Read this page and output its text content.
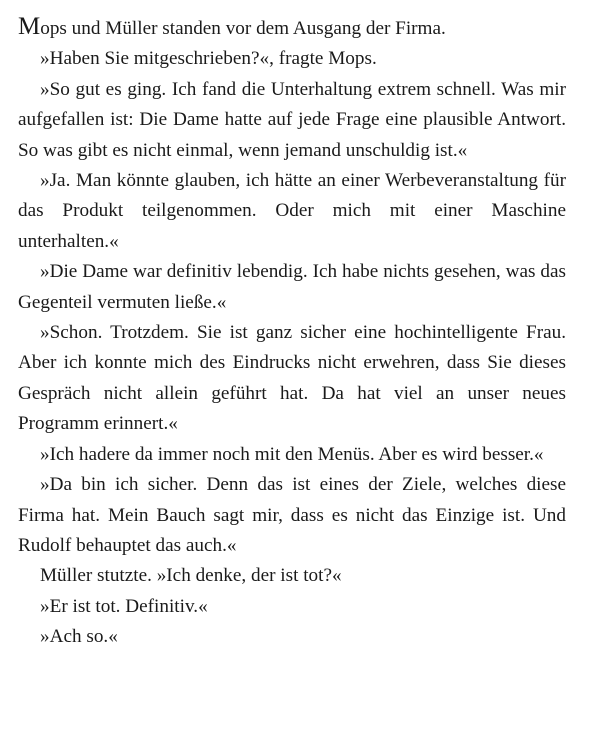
Mops und Müller standen vor dem Ausgang der Firma.

»Haben Sie mitgeschrieben?«, fragte Mops.

»So gut es ging. Ich fand die Unterhaltung extrem schnell. Was mir aufgefallen ist: Die Dame hatte auf jede Frage eine plausible Antwort. So was gibt es nicht einmal, wenn jemand unschuldig ist.«

»Ja. Man könnte glauben, ich hätte an einer Werbeveranstaltung für das Produkt teilgenommen. Oder mich mit einer Maschine unterhalten.«

»Die Dame war definitiv lebendig. Ich habe nichts gesehen, was das Gegenteil vermuten ließe.«

»Schon. Trotzdem. Sie ist ganz sicher eine hochintelligente Frau. Aber ich konnte mich des Eindrucks nicht erwehren, dass Sie dieses Gespräch nicht allein geführt hat. Da hat viel an unser neues Programm erinnert.«

»Ich hadere da immer noch mit den Menüs. Aber es wird besser.«

»Da bin ich sicher. Denn das ist eines der Ziele, welches diese Firma hat. Mein Bauch sagt mir, dass es nicht das Einzige ist. Und Rudolf behauptet das auch.«

Müller stutzte. »Ich denke, der ist tot?«

»Er ist tot. Definitiv.«

»Ach so.«
